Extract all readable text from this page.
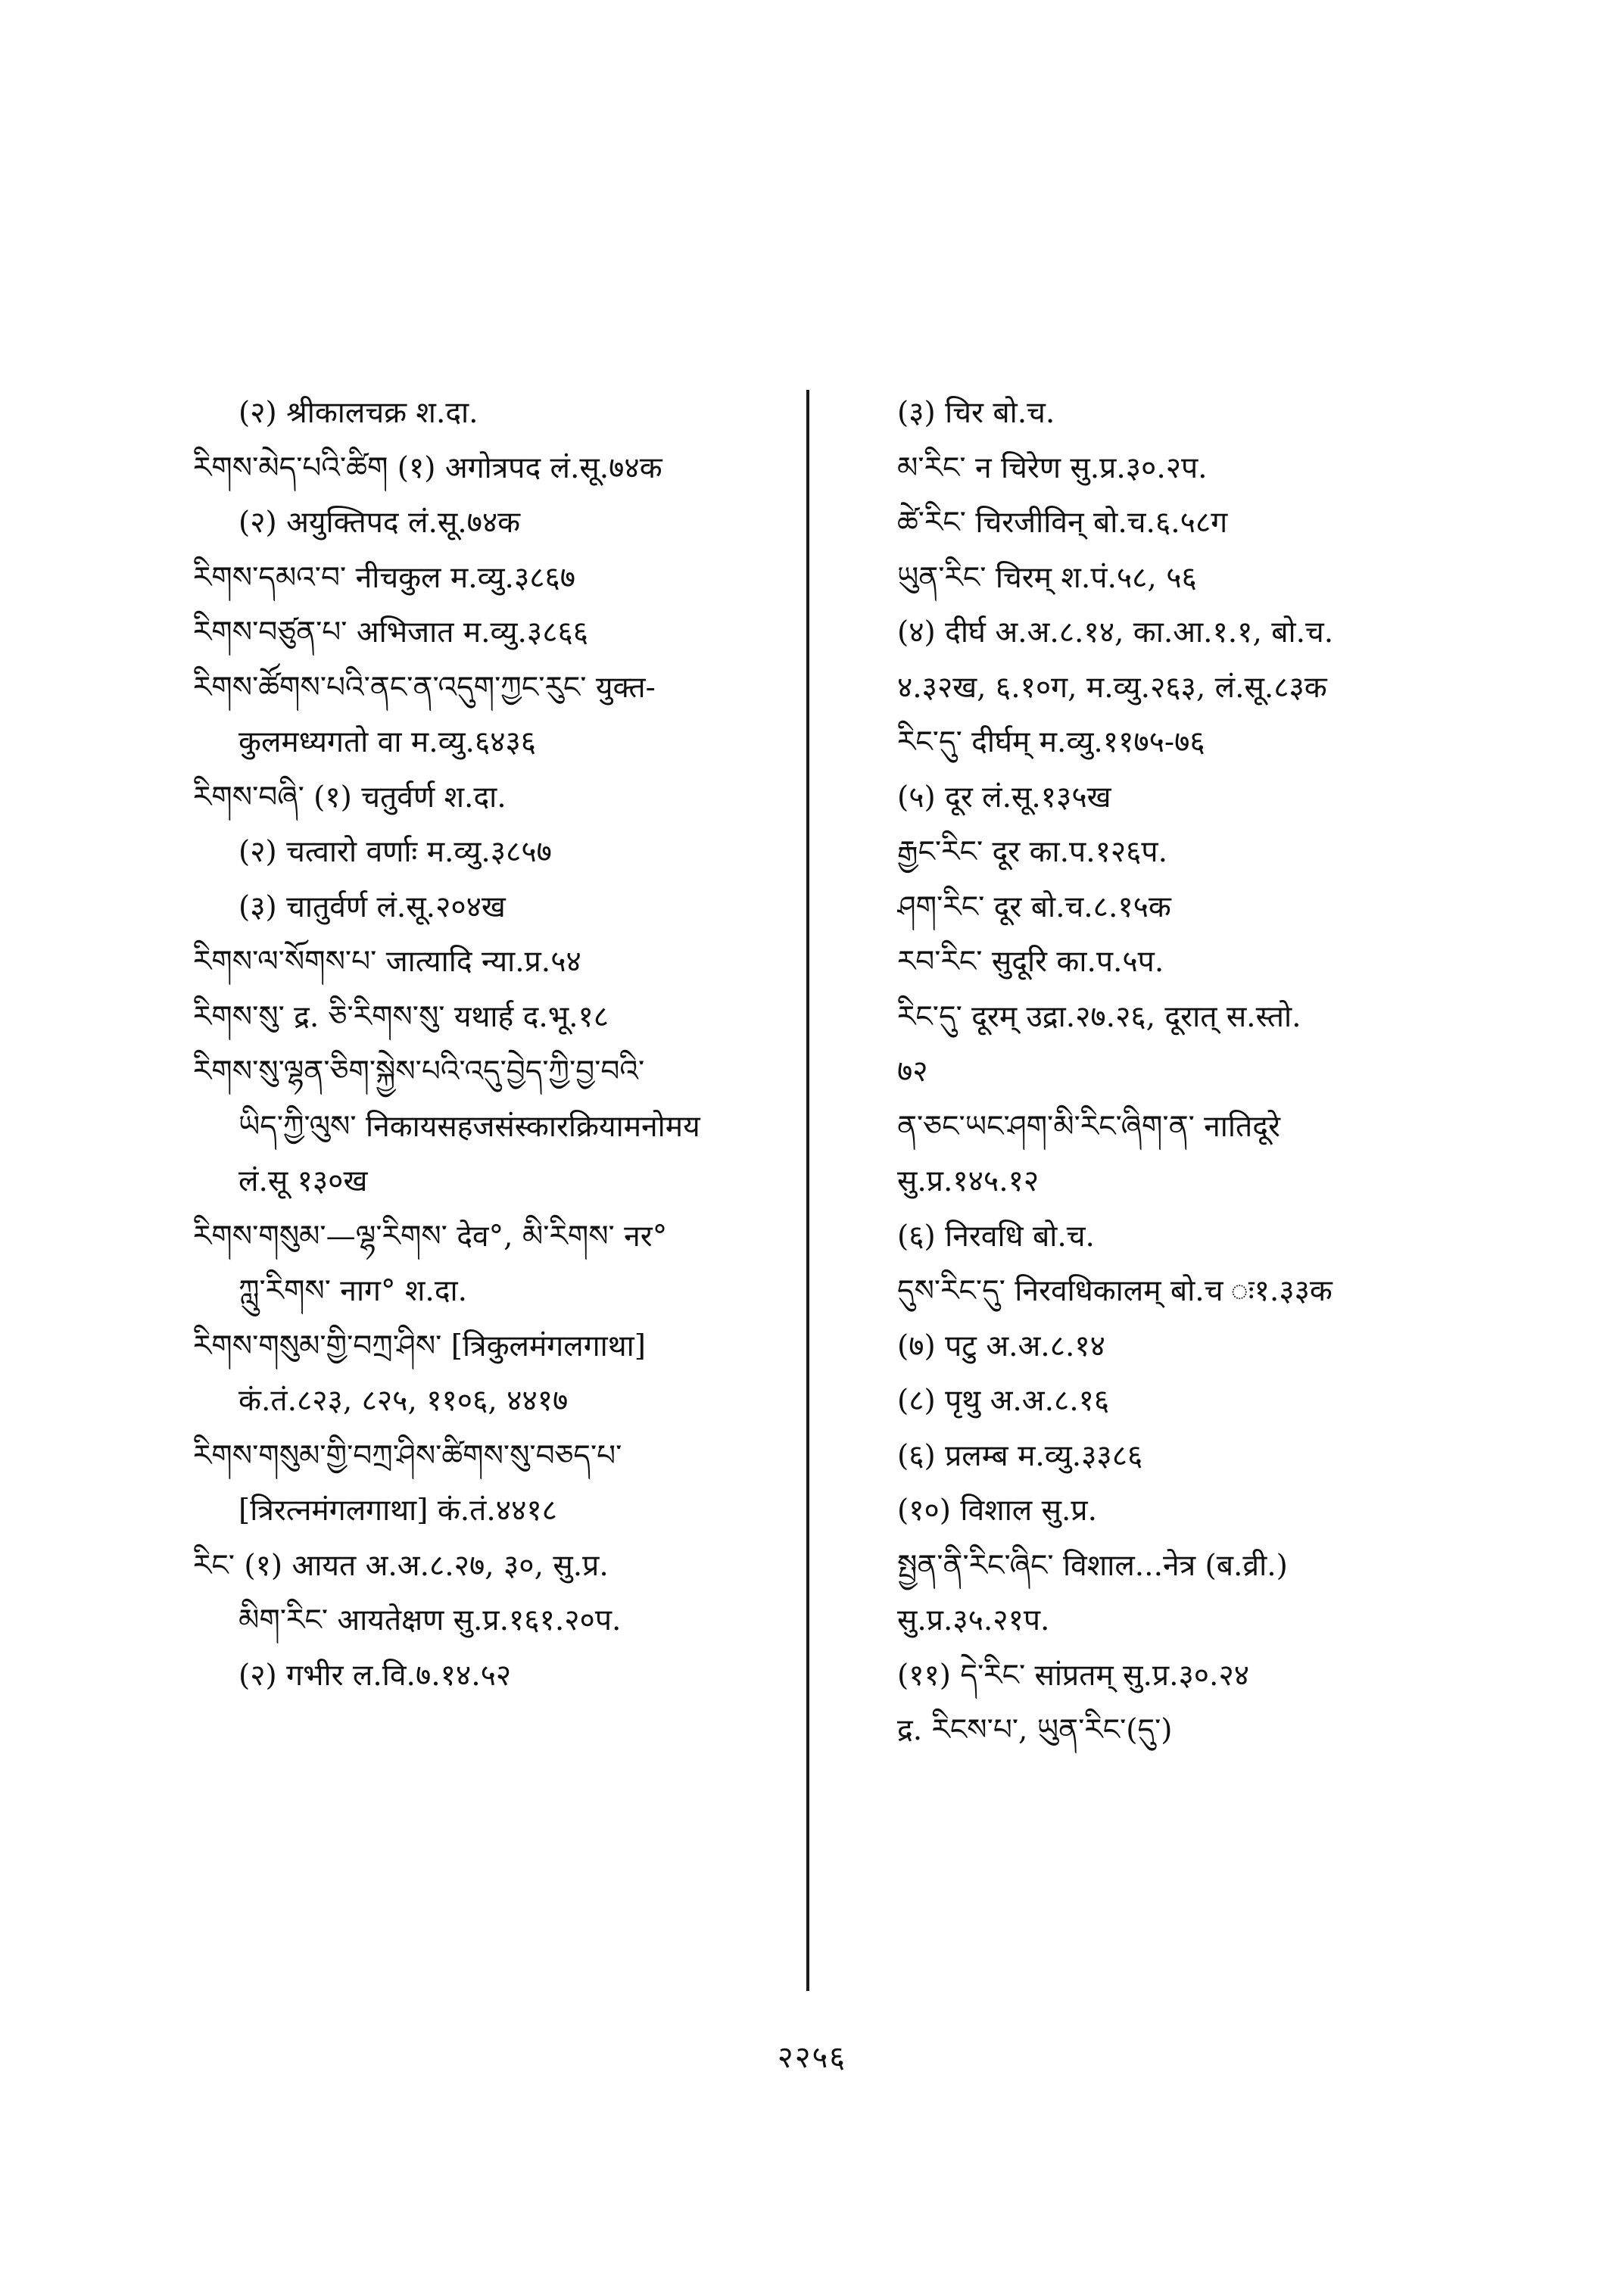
(२) श्रीकालचक्र श.दा.
རིགས་མེད་པའི་ཚིག (१) अगोत्रपद लं.सू.७४क
(२) अयुक्तिपद लं.सू.७४क
རིགས་དམའ་བ་ नीचकुल म.व्यु.३८६७
རིགས་བཙུན་པ་ अभिजात म.व्यु.३८६६
རིགས་ཚོགས་པའི་ནང་ན་འདུག་ཀྱང་རུང་ युक्त-
कुलमध्यगतो वा म.व्यु.६४३६
རིགས་བཞི་ (१) चतुर्वर्ण श.दा.
(२) चत्वारो वर्णाः म.व्यु.३८५७
(३) चातुर्वर्ण लं.सू.२०४ख
རིགས་ལ་སོགས་པ་ जात्यादि न्या.प्र.५४
རིགས་སུ་ द्र. ཅི་རིགས་སུ་ यथार्ह द.भू.१८
རིགས་སུ་ལྷན་ཅིག་སྐྱེས་པའི་འདུ་བྱེད་ཀྱི་བྱ་བའི་
ཡིད་ཀྱི་ལུས་ निकायसहजसंस्कारक्रियामनोमय
लं.सू १३०ख
རིགས་གསུམ་—ལྷ་རིགས་ देव°, མི་རིགས་ नर°
ཀླུ་རིགས་ नाग° श.दा.
རིགས་གསུམ་གྱི་བཀྲ་ཤིས་ [त्रिकुलमंगलगाथा]
कं.तं.८२३, ८२५, ११०६, ४४१७
རིགས་གསུམ་གྱི་བཀྲ་ཤིས་ཚིགས་སུ་བཅད་པ་
[त्रिरत्नमंगलगाथा] कं.तं.४४१८
རིང་ (१) आयत अ.अ.८.२७, ३०, सु.प्र.
མིག་རིང་ आयतेक्षण सु.प्र.१६१.२०प.
(२) गभीर ल.वि.७.१४.५२
(३) चिर बो.च.
མ་རིང་ न चिरेण सु.प्र.३०.२प.
ཚེ་རིང་ चिरजीविन् बो.च.६.५८ग
ཡུན་རིང་ चिरम् श.पं.५८, ५६
(४) दीर्घ अ.अ.८.१४, का.आ.१.१, बो.च.
४.३२ख, ६.१०ग, म.व्यु.२६३, लं.सू.८३क
རིང་དུ་ दीर्घम् म.व्यु.११७५-७६
(५) दूर लं.सू.१३५ख
རྒྱང་རིང་ दूर का.प.१२६प.
ཤག་རིང་ दूर बो.च.८.१५क
རབ་རིང་ सुदूरि का.प.५प.
རིང་དུ་ दूरम् उद्रा.२७.२६, दूरात् स.स्तो.
७२
ན་ཅང་ཡང་ཤག་མི་རིང་ཞིག་ན་ नातिदूरे
सु.प्र.१४५.१२
(६) निरवधि बो.च.
དུས་རིང་དུ་ निरवधिकालम् बो.च ः१.३३क
(७) पटु अ.अ.८.१४
(८) पृथु अ.अ.८.१६
(६) प्रलम्ब म.व्यु.३३८६
(१०) विशाल सु.प्र.
སྤྱན་ནི་རིང་ཞིང་ विशाल...नेत्र (ब.व्री.)
सु.प्र.३५.२१प.
(११) དེ་རིང་ सांप्रतम् सु.प्र.३०.२४
द्र. རིངས་པ་, ཡུན་རིང་(དུ་)
२२५६
